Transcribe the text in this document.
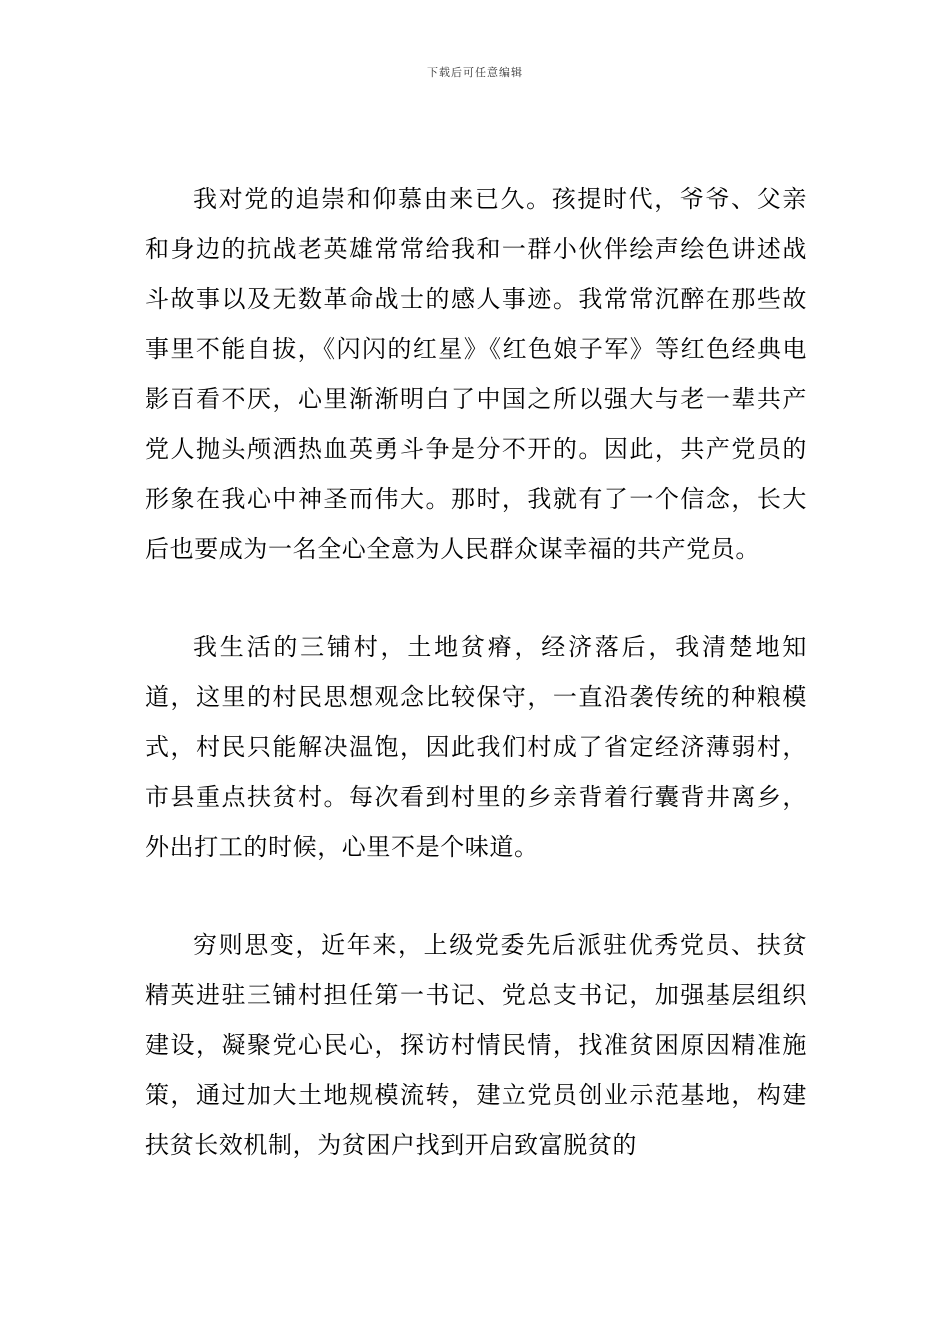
下载后可任意编辑

我对党的追崇和仰慕由来已久。孩提时代，爷爷、父亲和身边的抗战老英雄常常给我和一群小伙伴绘声绘色讲述战斗故事以及无数革命战士的感人事迹。我常常沉醉在那些故事里不能自拔，《闪闪的红星》《红色娘子军》等红色经典电影百看不厌，心里渐渐明白了中国之所以强大与老一辈共产党人抛头颅洒热血英勇斗争是分不开的。因此，共产党员的形象在我心中神圣而伟大。那时，我就有了一个信念，长大后也要成为一名全心全意为人民群众谋幸福的共产党员。

我生活的三铺村，土地贫瘠，经济落后，我清楚地知道，这里的村民思想观念比较保守，一直沿袭传统的种粮模式，村民只能解决温饱，因此我们村成了省定经济薄弱村，市县重点扶贫村。每次看到村里的乡亲背着行囊背井离乡，外出打工的时候，心里不是个味道。

穷则思变，近年来，上级党委先后派驻优秀党员、扶贫精英进驻三铺村担任第一书记、党总支书记，加强基层组织建设，凝聚党心民心，探访村情民情，找准贫困原因精准施策，通过加大土地规模流转，建立党员创业示范基地，构建扶贫长效机制，为贫困户找到开启致富脱贫的
